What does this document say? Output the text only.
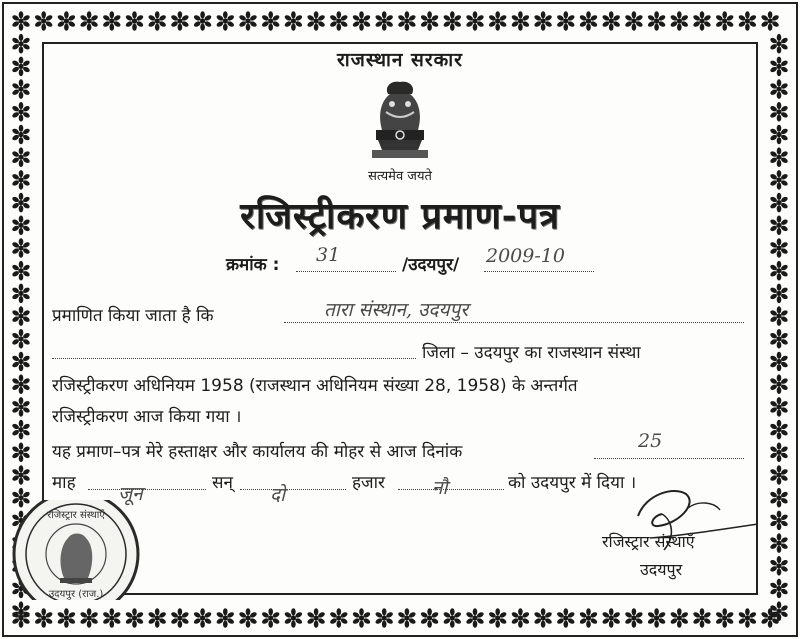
राजस्थान सरकार
सत्यमेव जयते
रजिस्ट्रीकरण प्रमाण-पत्र
क्रमांक : 31	/उदयपुर/ 2009-10
प्रमाणित किया जाता है कि	तारा संस्थान, उदयपुर
जिला – उदयपुर का राजस्थान संस्था
रजिस्ट्रीकरण अधिनियम 1958 (राजस्थान अधिनियम संख्या 28, 1958) के अन्तर्गत
रजिस्ट्रीकरण आज किया गया ।
यह प्रमाण–पत्र मेरे हस्ताक्षर और कार्यालय की मोहर से आज दिनांक	25
माह जून	सन्
दो
हजार नौ	को उदयपुर में दिया ।
रजिस्ट्रार संस्थाएँ
उदयपुर (राज.)
रजिस्ट्रार संस्थाएँ
उदयपुर
